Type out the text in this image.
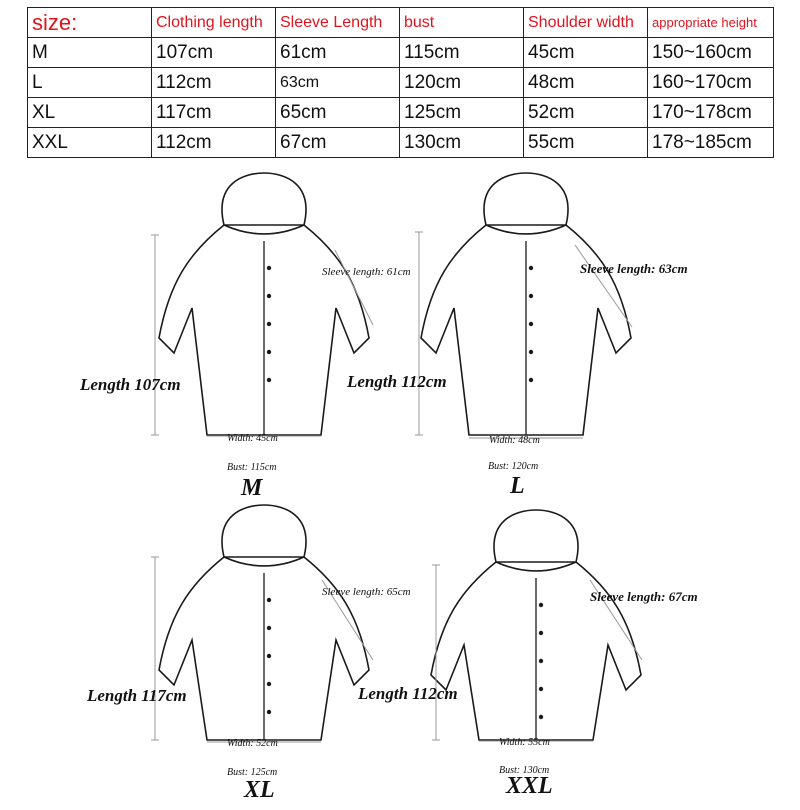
size:	Clothing length	Sleeve Length	bust	Shoulder width	appropriate height
M	107cm	61cm	115cm	45cm	150~160cm
L	112cm	63cm	120cm	48cm	160~170cm
XL	117cm	65cm	125cm	52cm	170~178cm
XXL	112cm	67cm	130cm	55cm	178~185cm
Length 107cm
Sleeve length: 61cm
Width: 45cm
Bust: 115cm
M
Length 112cm
Sleeve length: 63cm
Width: 48cm
Bust: 120cm
L
Length 117cm
Sleeve length: 65cm
Width: 52cm
Bust: 125cm
XL
Length 112cm
Sleeve length: 67cm
Width: 55cm
Bust: 130cm
XXL
